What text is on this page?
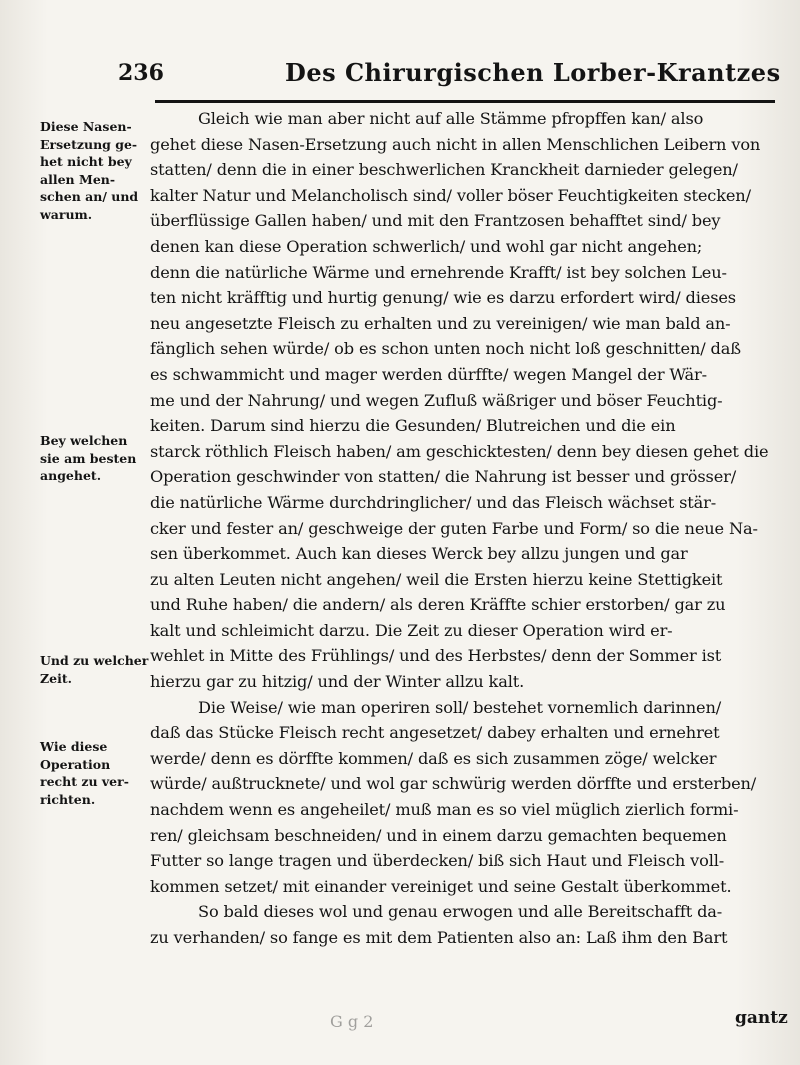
236	Des Chirurgischen Lorber-Krantzes
Diese Nasen-
Ersetzung ge-
het nicht bey
allen Men-
schen an/ und
warum.
Bey welchen
sie am besten
angehet.
Und zu welcher
Zeit.
Wie diese
Operation
recht zu ver-
richten.
Gleich wie man aber nicht auf alle Stämme pfropffen kan/ also
gehet diese Nasen-Ersetzung auch nicht in allen Menschlichen Leibern von
statten/ denn die in einer beschwerlichen Kranckheit darnieder gelegen/
kalter Natur und Melancholisch sind/ voller böser Feuchtigkeiten stecken/
überflüssige Gallen haben/ und mit den Frantzosen behafftet sind/ bey
denen kan diese Operation schwerlich/ und wohl gar nicht angehen;
denn die natürliche Wärme und ernehrende Krafft/ ist bey solchen Leu-
ten nicht kräfftig und hurtig genung/ wie es darzu erfordert wird/ dieses
neu angesetzte Fleisch zu erhalten und zu vereinigen/ wie man bald an-
fänglich sehen würde/ ob es schon unten noch nicht loß geschnitten/ daß
es schwammicht und mager werden dürffte/ wegen Mangel der Wär-
me und der Nahrung/ und wegen Zufluß wäßriger und böser Feuchtig-
keiten. Darum sind hierzu die Gesunden/ Blutreichen und die ein
starck röthlich Fleisch haben/ am geschicktesten/ denn bey diesen gehet die
Operation geschwinder von statten/ die Nahrung ist besser und grösser/
die natürliche Wärme durchdringlicher/ und das Fleisch wächset stär-
cker und fester an/ geschweige der guten Farbe und Form/ so die neue Na-
sen überkommet. Auch kan dieses Werck bey allzu jungen und gar
zu alten Leuten nicht angehen/ weil die Ersten hierzu keine Stettigkeit
und Ruhe haben/ die andern/ als deren Kräffte schier erstorben/ gar zu
kalt und schleimicht darzu. Die Zeit zu dieser Operation wird er-
wehlet in Mitte des Frühlings/ und des Herbstes/ denn der Sommer ist
hierzu gar zu hitzig/ und der Winter allzu kalt.
Die Weise/ wie man operiren soll/ bestehet vornemlich darinnen/
daß das Stücke Fleisch recht angesetzet/ dabey erhalten und ernehret
werde/ denn es dörffte kommen/ daß es sich zusammen zöge/ welcker
würde/ außtrucknete/ und wol gar schwürig werden dörffte und ersterben/
nachdem wenn es angeheilet/ muß man es so viel müglich zierlich formi-
ren/ gleichsam beschneiden/ und in einem darzu gemachten bequemen
Futter so lange tragen und überdecken/ biß sich Haut und Fleisch voll-
kommen setzet/ mit einander vereiniget und seine Gestalt überkommet.
So bald dieses wol und genau erwogen und alle Bereitschafft da-
zu verhanden/ so fange es mit dem Patienten also an: Laß ihm den Bart
G g 2	gantz
